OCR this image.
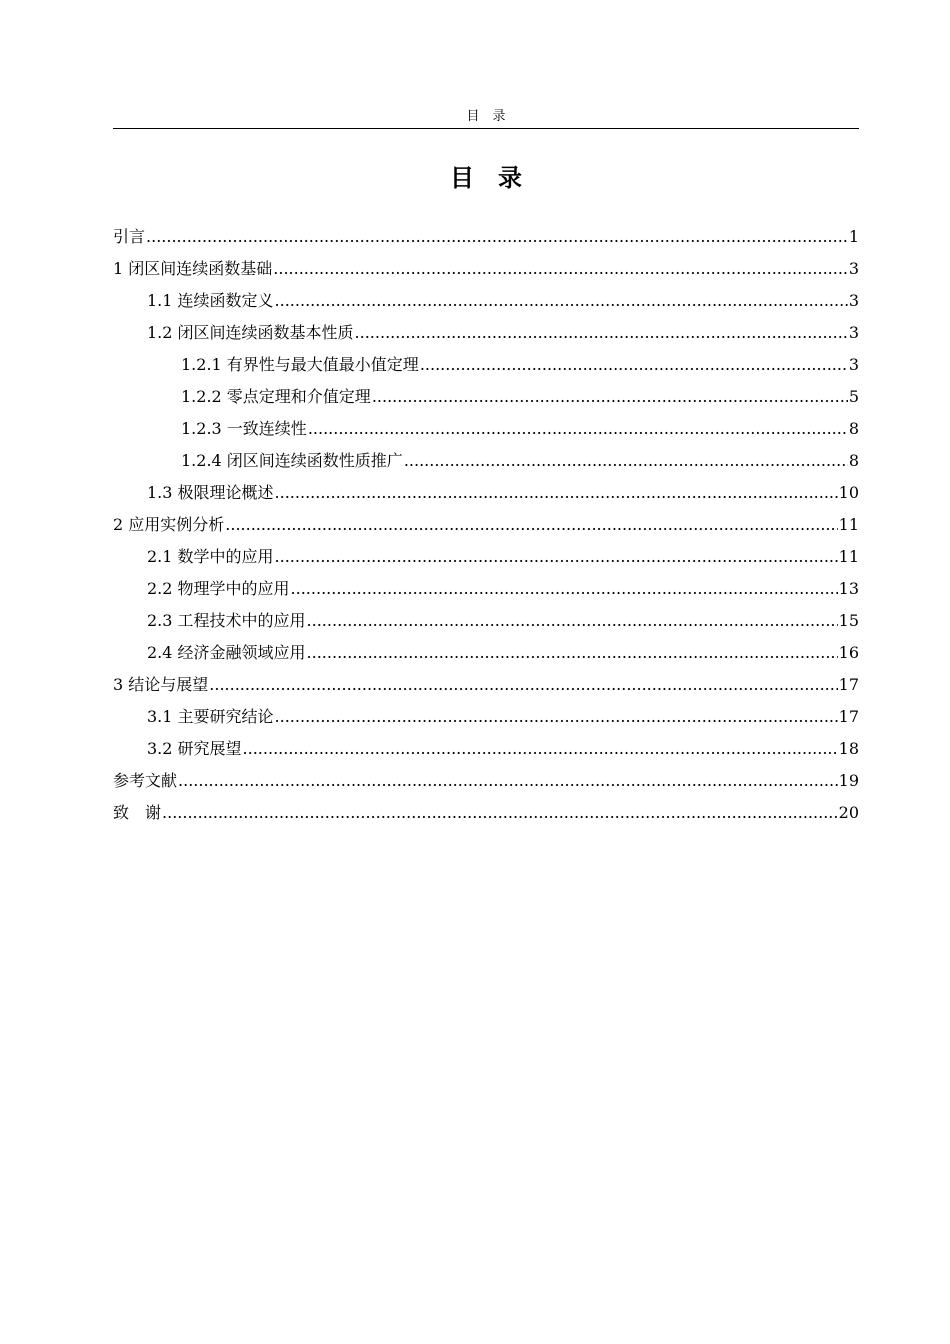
目　录
目　录
引言 .....	1
1 闭区间连续函数基础 .....	3
1.1 连续函数定义 .....	3
1.2 闭区间连续函数基本性质 .....	3
1.2.1 有界性与最大值最小值定理 .....	3
1.2.2 零点定理和介值定理 .....	5
1.2.3 一致连续性 .....	8
1.2.4 闭区间连续函数性质推广 .....	8
1.3 极限理论概述 .....	10
2 应用实例分析 .....	11
2.1 数学中的应用 .....	11
2.2 物理学中的应用 .....	13
2.3 工程技术中的应用 .....	15
2.4 经济金融领域应用 .....	16
3 结论与展望 .....	17
3.1 主要研究结论 .....	17
3.2 研究展望 .....	18
参考文献 .....	19
致　谢 .....	20
